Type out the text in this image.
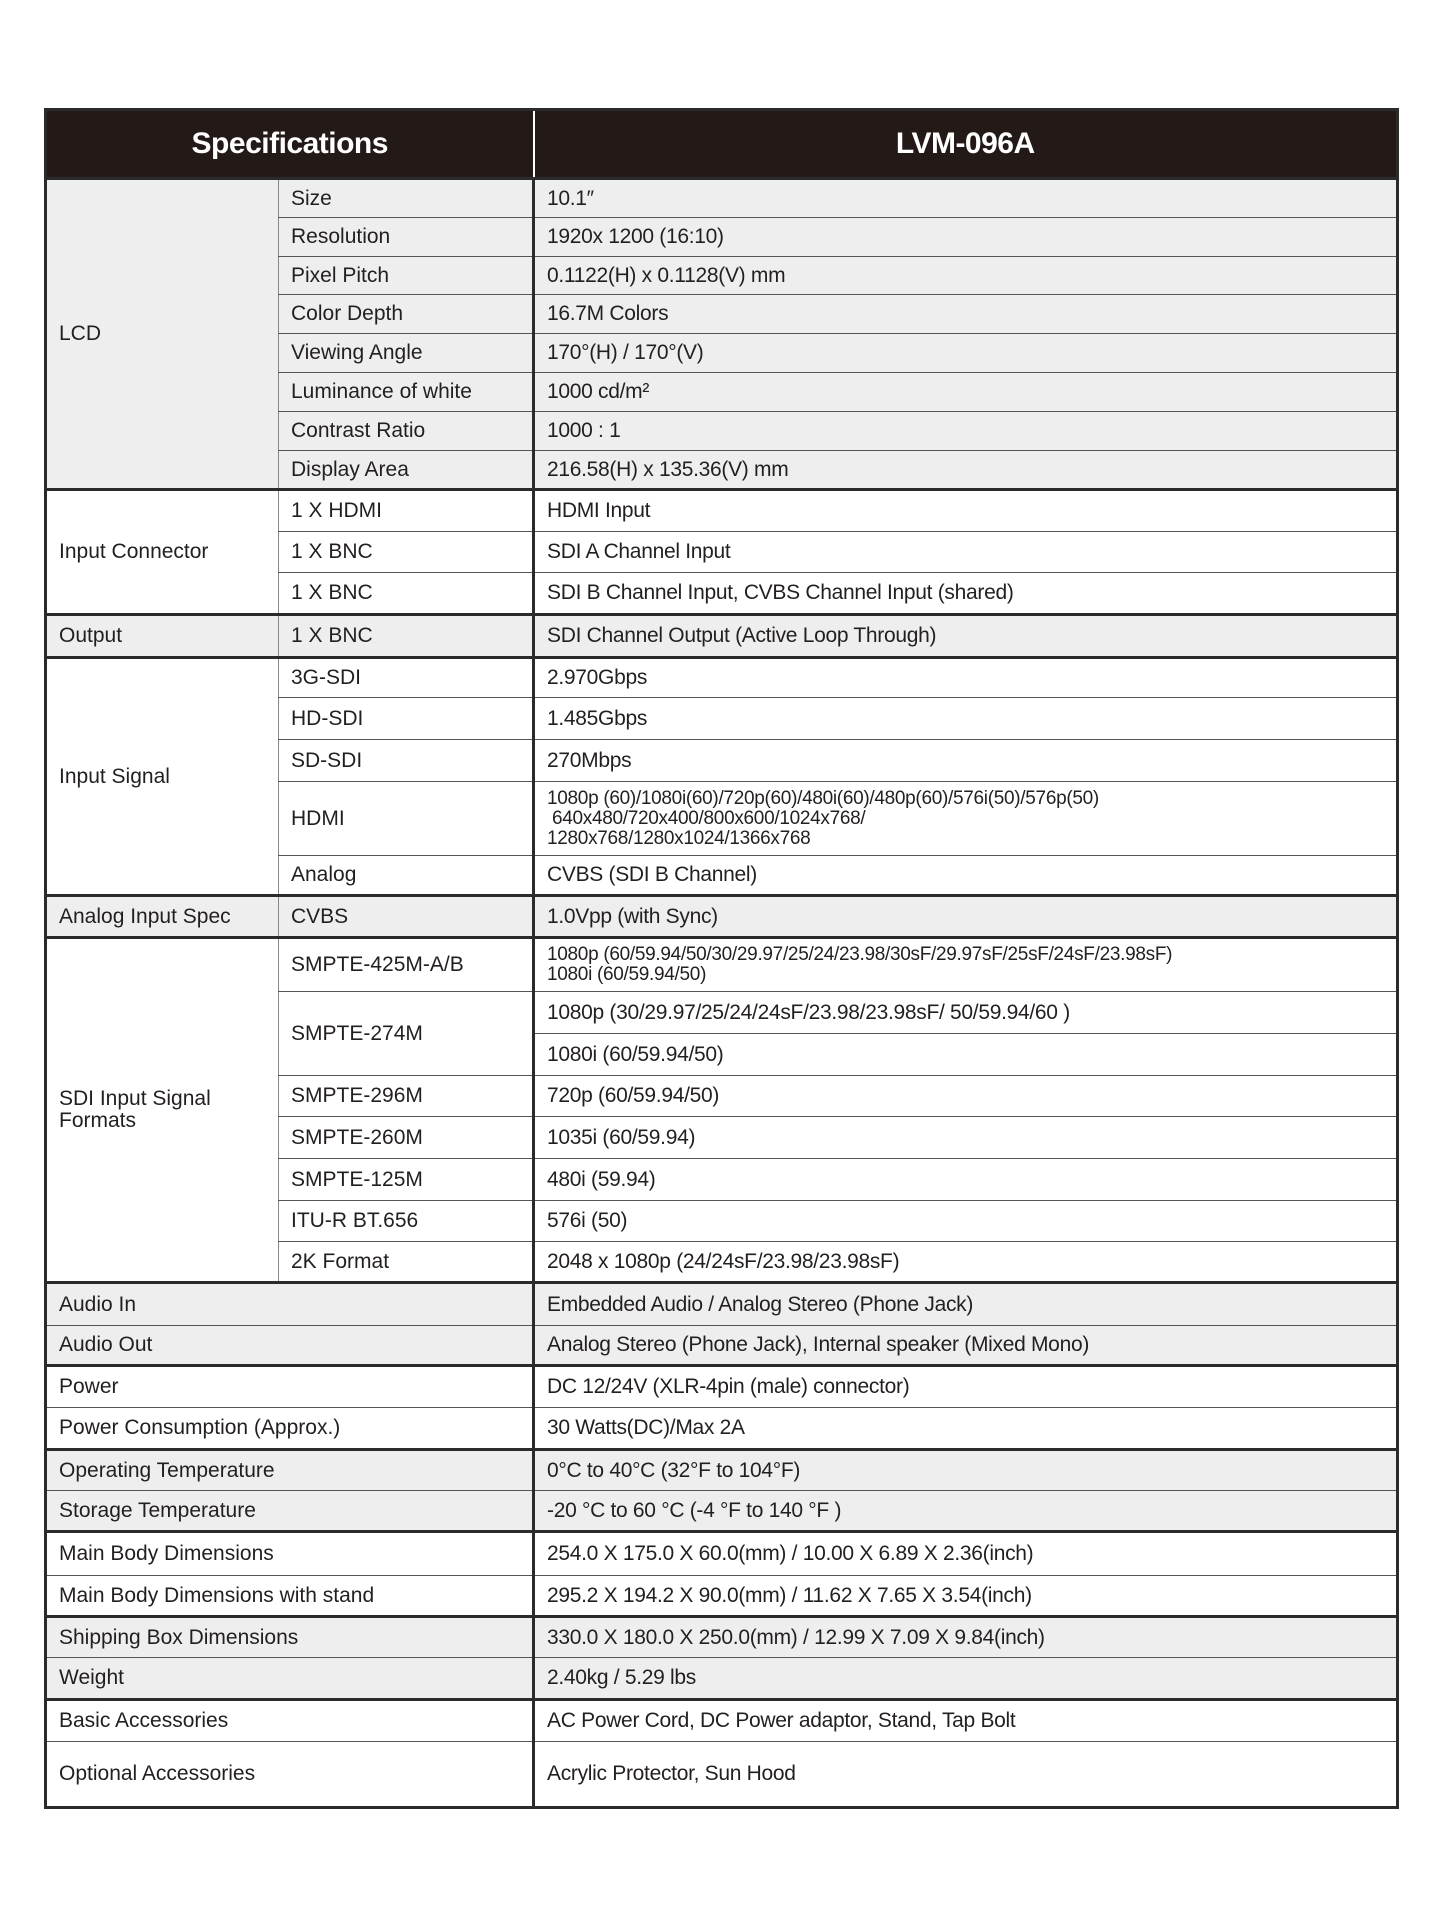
Specifications		LVM-096A
LCD	Size	10.1″
	Resolution	1920x 1200 (16:10)
	Pixel Pitch	0.1122(H) x 0.1128(V) mm
	Color Depth	16.7M Colors
	Viewing Angle	170°(H) / 170°(V)
	Luminance of white	1000 cd/m²
	Contrast Ratio	1000 : 1
	Display Area	216.58(H) x 135.36(V) mm
Input Connector	1 X HDMI	HDMI Input
	1 X BNC	SDI A Channel Input
	1 X BNC	SDI B Channel Input, CVBS Channel Input (shared)
Output	1 X BNC	SDI Channel Output (Active Loop Through)
Input Signal	3G-SDI	2.970Gbps
	HD-SDI	1.485Gbps
	SD-SDI	270Mbps
	HDMI	1080p (60)/1080i(60)/720p(60)/480i(60)/480p(60)/576i(50)/576p(50)
640x480/720x400/800x600/1024x768/
1280x768/1280x1024/1366x768

	Analog	CVBS (SDI B Channel)
Analog Input Spec	CVBS	1.0Vpp (with Sync)

SDI Input Signal
Formats
	SMPTE-425M-A/B	1080p (60/59.94/50/30/29.97/25/24/23.98/30sF/29.97sF/25sF/24sF/23.98sF)
1080i (60/59.94/50)

	SMPTE-274M	1080p (30/29.97/25/24/24sF/23.98/23.98sF/ 50/59.94/60 )
		1080i (60/59.94/50)
	SMPTE-296M	720p (60/59.94/50)
	SMPTE-260M	1035i (60/59.94)
	SMPTE-125M	480i (59.94)
	ITU-R BT.656	576i (50)
	2K Format	2048 x 1080p (24/24sF/23.98/23.98sF)
Audio In		Embedded Audio / Analog Stereo (Phone Jack)
Audio Out		Analog Stereo (Phone Jack), Internal speaker (Mixed Mono)
Power		DC 12/24V (XLR-4pin (male) connector)
Power Consumption (Approx.)		30 Watts(DC)/Max 2A
Operating Temperature		0°C to 40°C (32°F to 104°F)
Storage Temperature		-20 °C to 60 °C (-4 °F to 140 °F )
Main Body Dimensions		254.0 X 175.0 X 60.0(mm) / 10.00 X 6.89 X 2.36(inch)
Main Body Dimensions with stand		295.2 X 194.2 X 90.0(mm) / 11.62 X 7.65 X 3.54(inch)
Shipping Box Dimensions		330.0 X 180.0 X 250.0(mm) / 12.99 X 7.09 X 9.84(inch)
Weight		2.40kg / 5.29 lbs
Basic Accessories		AC Power Cord, DC Power adaptor, Stand, Tap Bolt
Optional Accessories		Acrylic Protector, Sun Hood
